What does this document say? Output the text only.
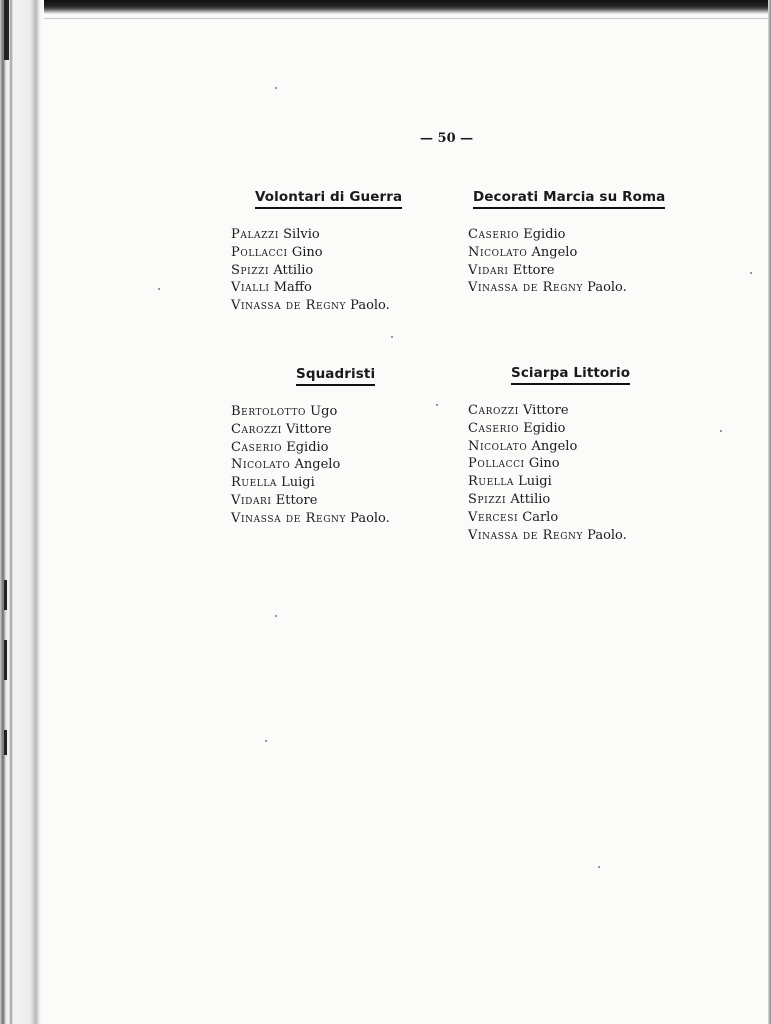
— 50 —
Volontari di Guerra
Palazzi Silvio
Pollacci Gino
Spizzi Attilio
Vialli Maffo
Vinassa de Regny Paolo.
Decorati Marcia su Roma
Caserio Egidio
Nicolato Angelo
Vidari Ettore
Vinassa de Regny Paolo.
Squadristi
Bertolotto Ugo
Carozzi Vittore
Caserio Egidio
Nicolato Angelo
Ruella Luigi
Vidari Ettore
Vinassa de Regny Paolo.
Sciarpa Littorio
Carozzi Vittore
Caserio Egidio
Nicolato Angelo
Pollacci Gino
Ruella Luigi
Spizzi Attilio
Vercesi Carlo
Vinassa de Regny Paolo.
